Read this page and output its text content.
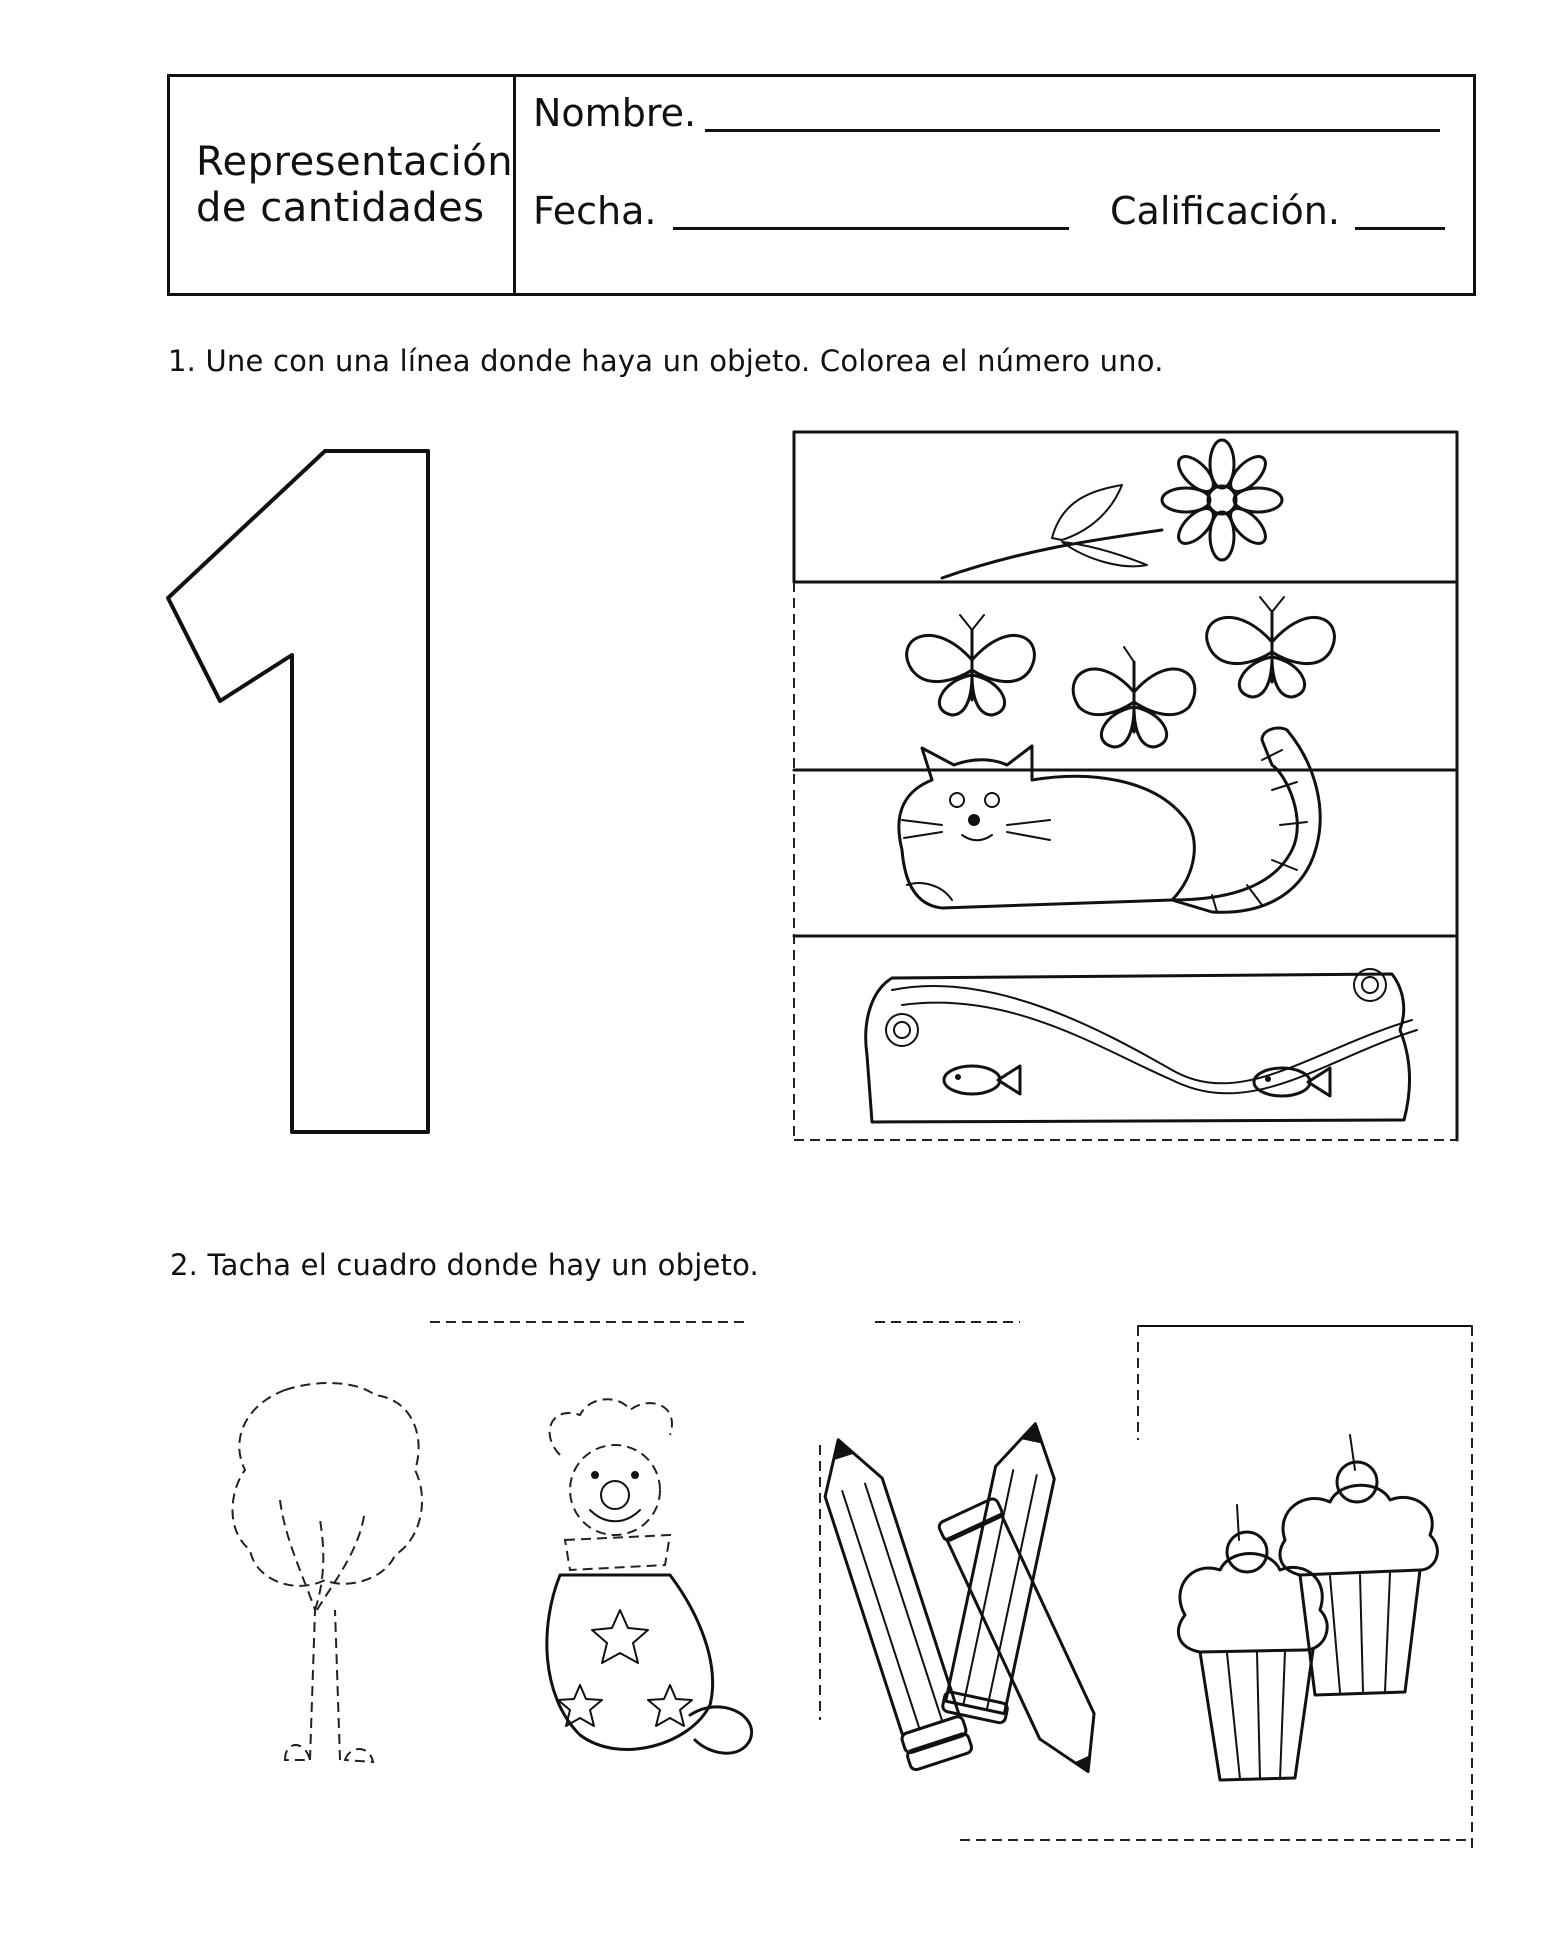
Representación
de cantidades
Nombre.
Fecha.	Calificación.
1. Une con una línea donde haya un objeto. Colorea el número uno.
2. Tacha el cuadro donde hay un objeto.
